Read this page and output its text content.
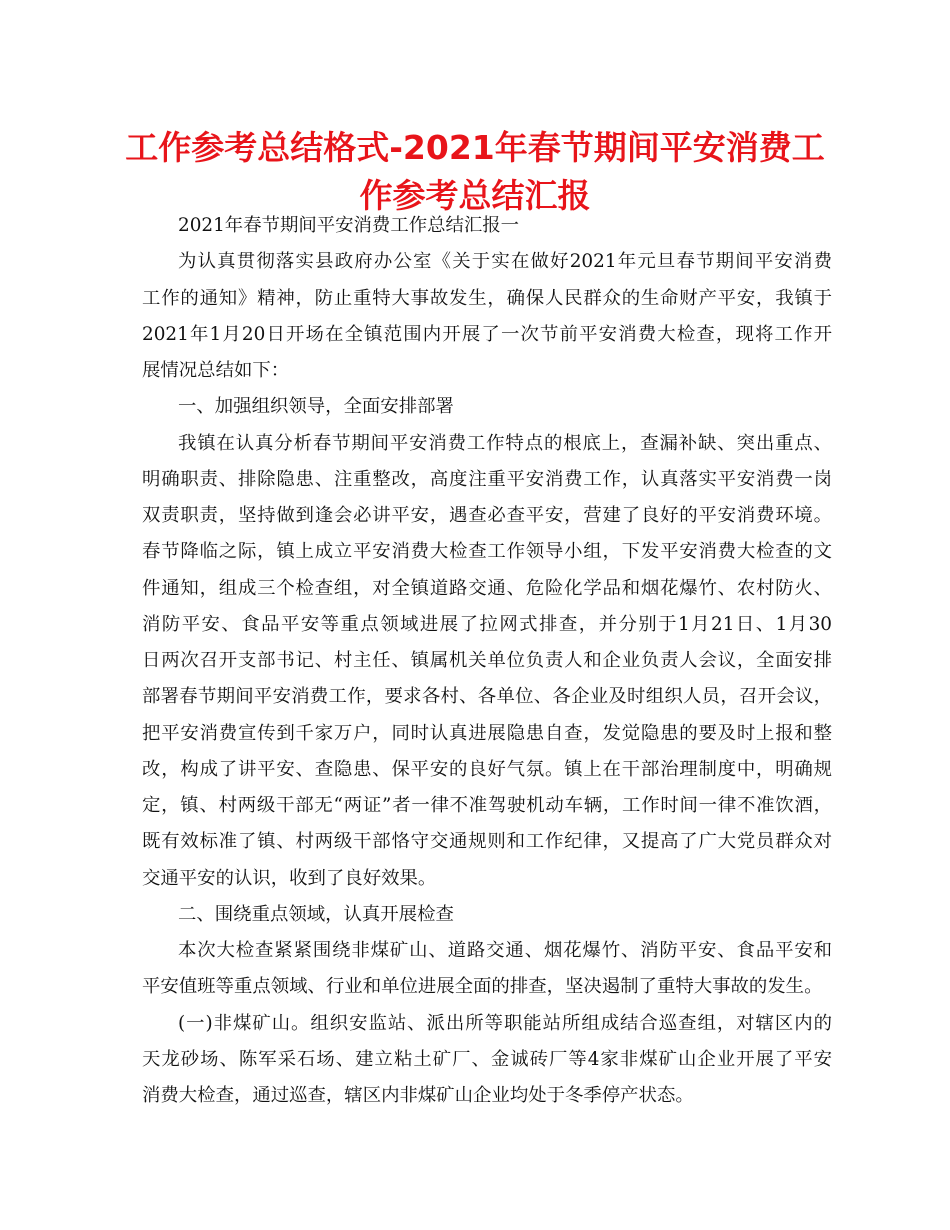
工作参考总结格式-2021年春节期间平安消费工
作参考总结汇报

2021年春节期间平安消费工作总结汇报一

为认真贯彻落实县政府办公室《关于实在做好2021年元旦春节期间平安消费
工作的通知》精神，防止重特大事故发生，确保人民群众的生命财产平安，我镇于
2021年1月20日开场在全镇范围内开展了一次节前平安消费大检查，现将工作开
展情况总结如下：

一、加强组织领导，全面安排部署

我镇在认真分析春节期间平安消费工作特点的根底上，查漏补缺、突出重点、
明确职责、排除隐患、注重整改，高度注重平安消费工作，认真落实平安消费一岗
双责职责，坚持做到逢会必讲平安，遇查必查平安，营建了良好的平安消费环境。
春节降临之际，镇上成立平安消费大检查工作领导小组，下发平安消费大检查的文
件通知，组成三个检查组，对全镇道路交通、危险化学品和烟花爆竹、农村防火、
消防平安、食品平安等重点领域进展了拉网式排查，并分别于1月21日、1月30
日两次召开支部书记、村主任、镇属机关单位负责人和企业负责人会议，全面安排
部署春节期间平安消费工作，要求各村、各单位、各企业及时组织人员，召开会议，
把平安消费宣传到千家万户，同时认真进展隐患自查，发觉隐患的要及时上报和整
改，构成了讲平安、查隐患、保平安的良好气氛。镇上在干部治理制度中，明确规
定，镇、村两级干部无“两证”者一律不准驾驶机动车辆，工作时间一律不准饮酒，
既有效标准了镇、村两级干部恪守交通规则和工作纪律，又提高了广大党员群众对
交通平安的认识，收到了良好效果。

二、围绕重点领域，认真开展检查

本次大检查紧紧围绕非煤矿山、道路交通、烟花爆竹、消防平安、食品平安和
平安值班等重点领域、行业和单位进展全面的排查，坚决遏制了重特大事故的发生。

(一)非煤矿山。组织安监站、派出所等职能站所组成结合巡查组，对辖区内的
天龙砂场、陈军采石场、建立粘土矿厂、金诚砖厂等4家非煤矿山企业开展了平安
消费大检查，通过巡查，辖区内非煤矿山企业均处于冬季停产状态。
